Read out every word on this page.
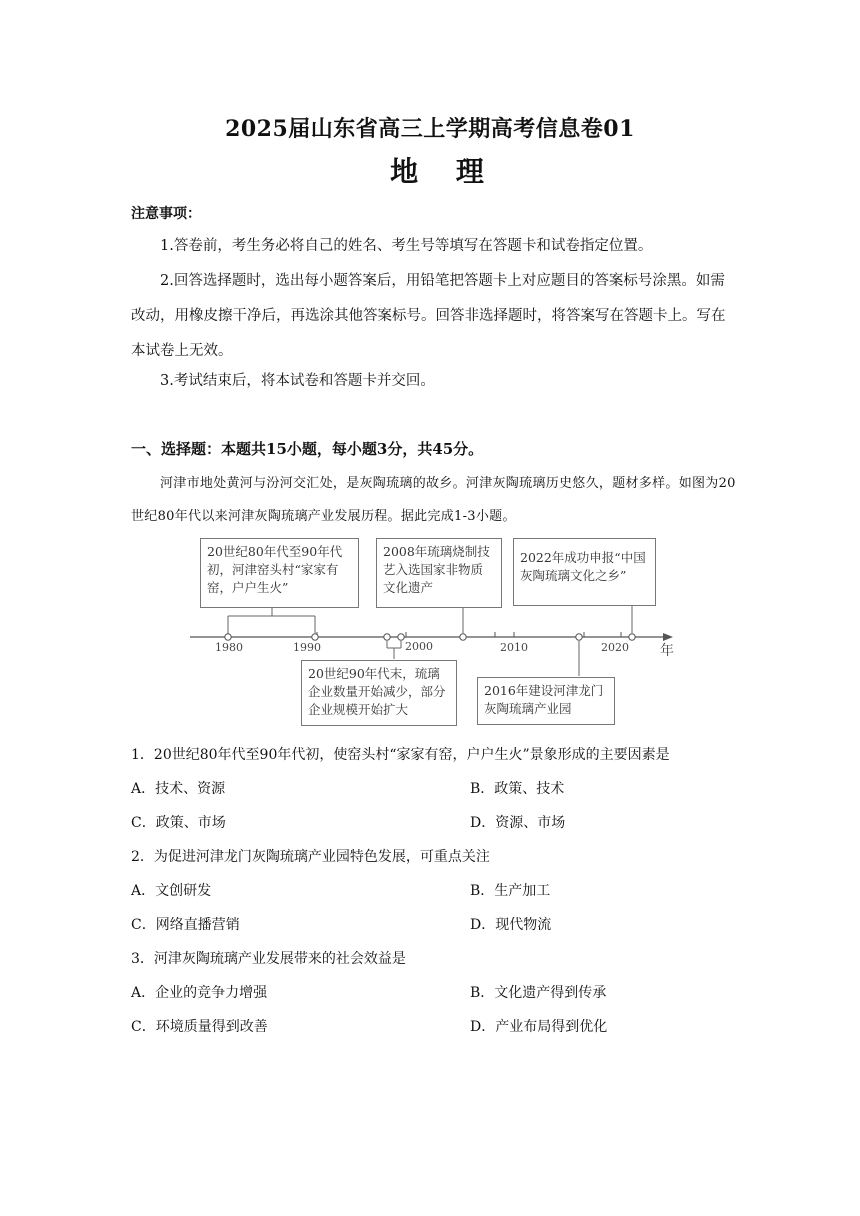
2025届山东省高三上学期高考信息卷01
地 理
注意事项：
1.答卷前，考生务必将自己的姓名、考生号等填写在答题卡和试卷指定位置。
2.回答选择题时，选出每小题答案后，用铅笔把答题卡上对应题目的答案标号涂黑。如需改动，用橡皮擦干净后，再选涂其他答案标号。回答非选择题时，将答案写在答题卡上。写在本试卷上无效。
3.考试结束后，将本试卷和答题卡并交回。
一、选择题：本题共15小题，每小题3分，共45分。
河津市地处黄河与汾河交汇处，是灰陶琉璃的故乡。河津灰陶琉璃历史悠久，题材多样。如图为20世纪80年代以来河津灰陶琉璃产业发展历程。据此完成1-3小题。
1980	1990	2000	2010	2020 年
20世纪80年代至90年代初，河津窑头村“家家有窑，户户生火”
2008年琉璃烧制技艺入选国家非物质文化遗产
2022年成功申报“中国灰陶琉璃文化之乡”
20世纪90年代末，琉璃企业数量开始减少，部分企业规模开始扩大
2016年建设河津龙门灰陶琉璃产业园
1．20世纪80年代至90年代初，使窑头村“家家有窑，户户生火”景象形成的主要因素是
A．技术、资源	B．政策、技术
C．政策、市场	D．资源、市场
2．为促进河津龙门灰陶琉璃产业园特色发展，可重点关注
A．文创研发	B．生产加工
C．网络直播营销	D．现代物流
3．河津灰陶琉璃产业发展带来的社会效益是
A．企业的竞争力增强	B．文化遗产得到传承
C．环境质量得到改善	D．产业布局得到优化
